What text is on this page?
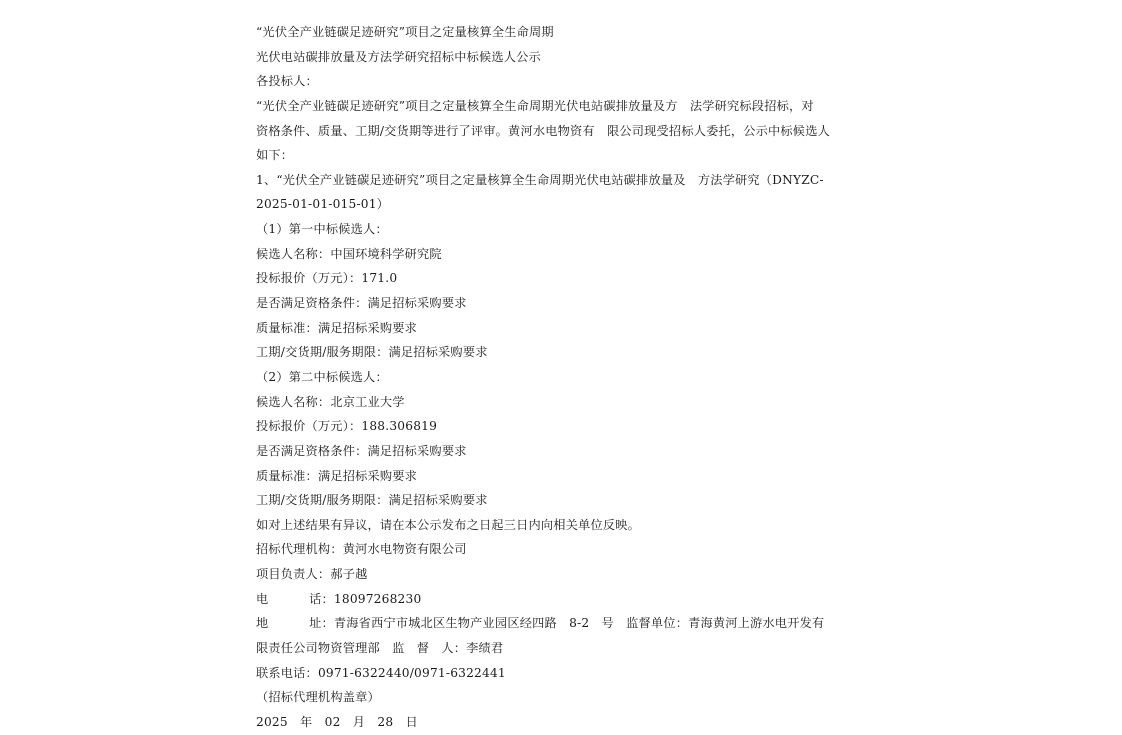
“光伏全产业链碳足迹研究”项目之定量核算全生命周期
光伏电站碳排放量及方法学研究招标中标候选人公示
各投标人：
“光伏全产业链碳足迹研究”项目之定量核算全生命周期光伏电站碳排放量及方   法学研究标段招标，对
资格条件、质量、工期/交货期等进行了评审。黄河水电物资有   限公司现受招标人委托，公示中标候选人
如下：
1、“光伏全产业链碳足迹研究”项目之定量核算全生命周期光伏电站碳排放量及   方法学研究（DNYZC-
2025-01-01-015-01）
（1）第一中标候选人：
候选人名称：中国环境科学研究院
投标报价（万元）：171.0
是否满足资格条件：满足招标采购要求
质量标准：满足招标采购要求
工期/交货期/服务期限：满足招标采购要求
（2）第二中标候选人：
候选人名称：北京工业大学
投标报价（万元）：188.306819
是否满足资格条件：满足招标采购要求
质量标准：满足招标采购要求
工期/交货期/服务期限：满足招标采购要求
如对上述结果有异议，请在本公示发布之日起三日内向相关单位反映。
招标代理机构：黄河水电物资有限公司
项目负责人：郝子越
电          话：18097268230
地          址：青海省西宁市城北区生物产业园区经四路   8-2   号   监督单位：青海黄河上游水电开发有
限责任公司物资管理部   监   督   人：李绩君
联系电话：0971-6322440/0971-6322441
（招标代理机构盖章）
2025   年   02   月   28   日
